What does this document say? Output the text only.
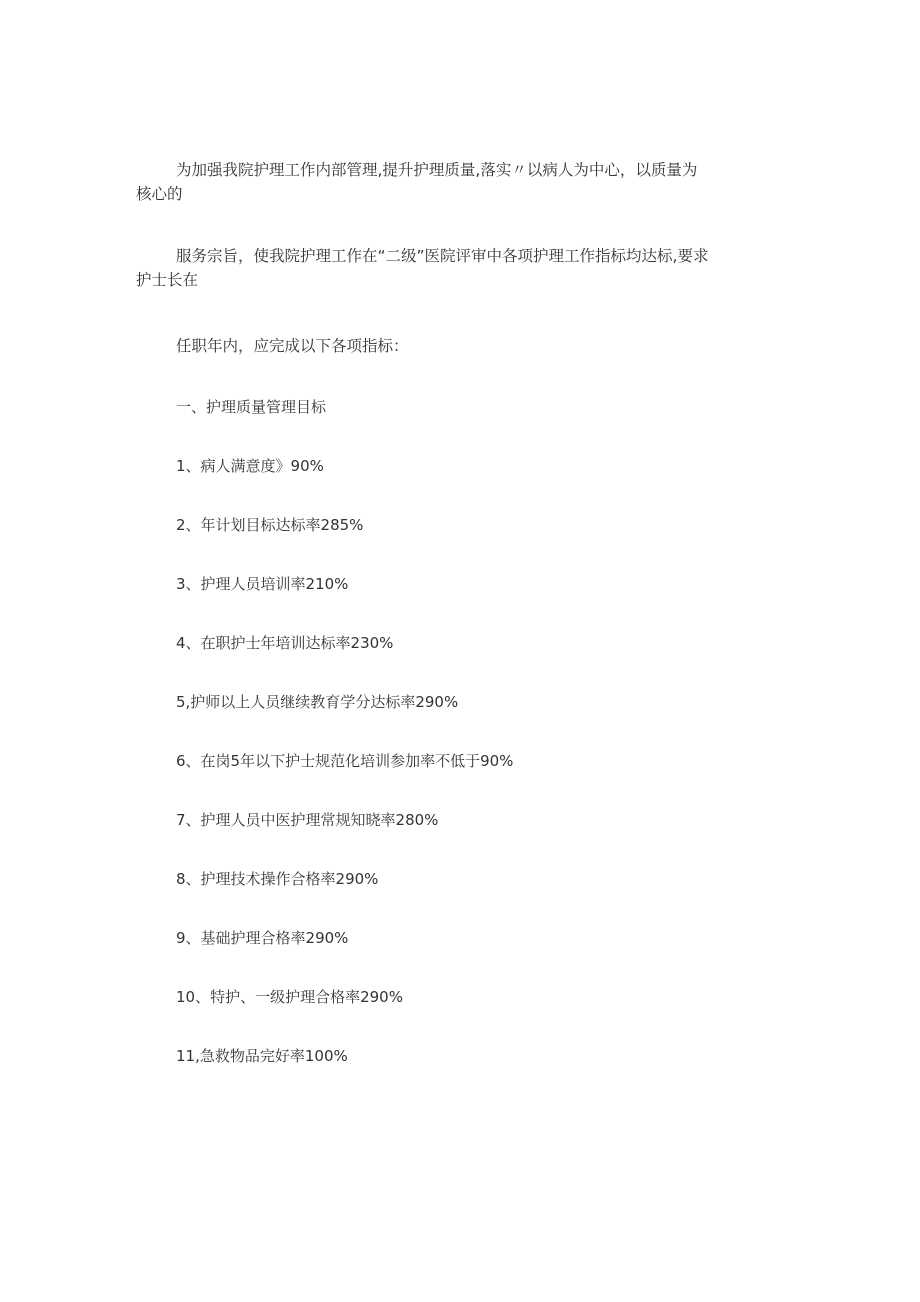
为加强我院护理工作内部管理,提升护理质量,落实〃以病人为中心，以质量为
核心的

服务宗旨，使我院护理工作在“二级”医院评审中各项护理工作指标均达标,要求
护士长在

任职年内，应完成以下各项指标：

一、护理质量管理目标

1、病人满意度》90%

2、年计划目标达标率285%

3、护理人员培训率210%

4、在职护士年培训达标率230%

5,护师以上人员继续教育学分达标率290%

6、在岗5年以下护士规范化培训参加率不低于90%

7、护理人员中医护理常规知晓率280%

8、护理技术操作合格率290%

9、基础护理合格率290%

10、特护、一级护理合格率290%

11,急救物品完好率100%
